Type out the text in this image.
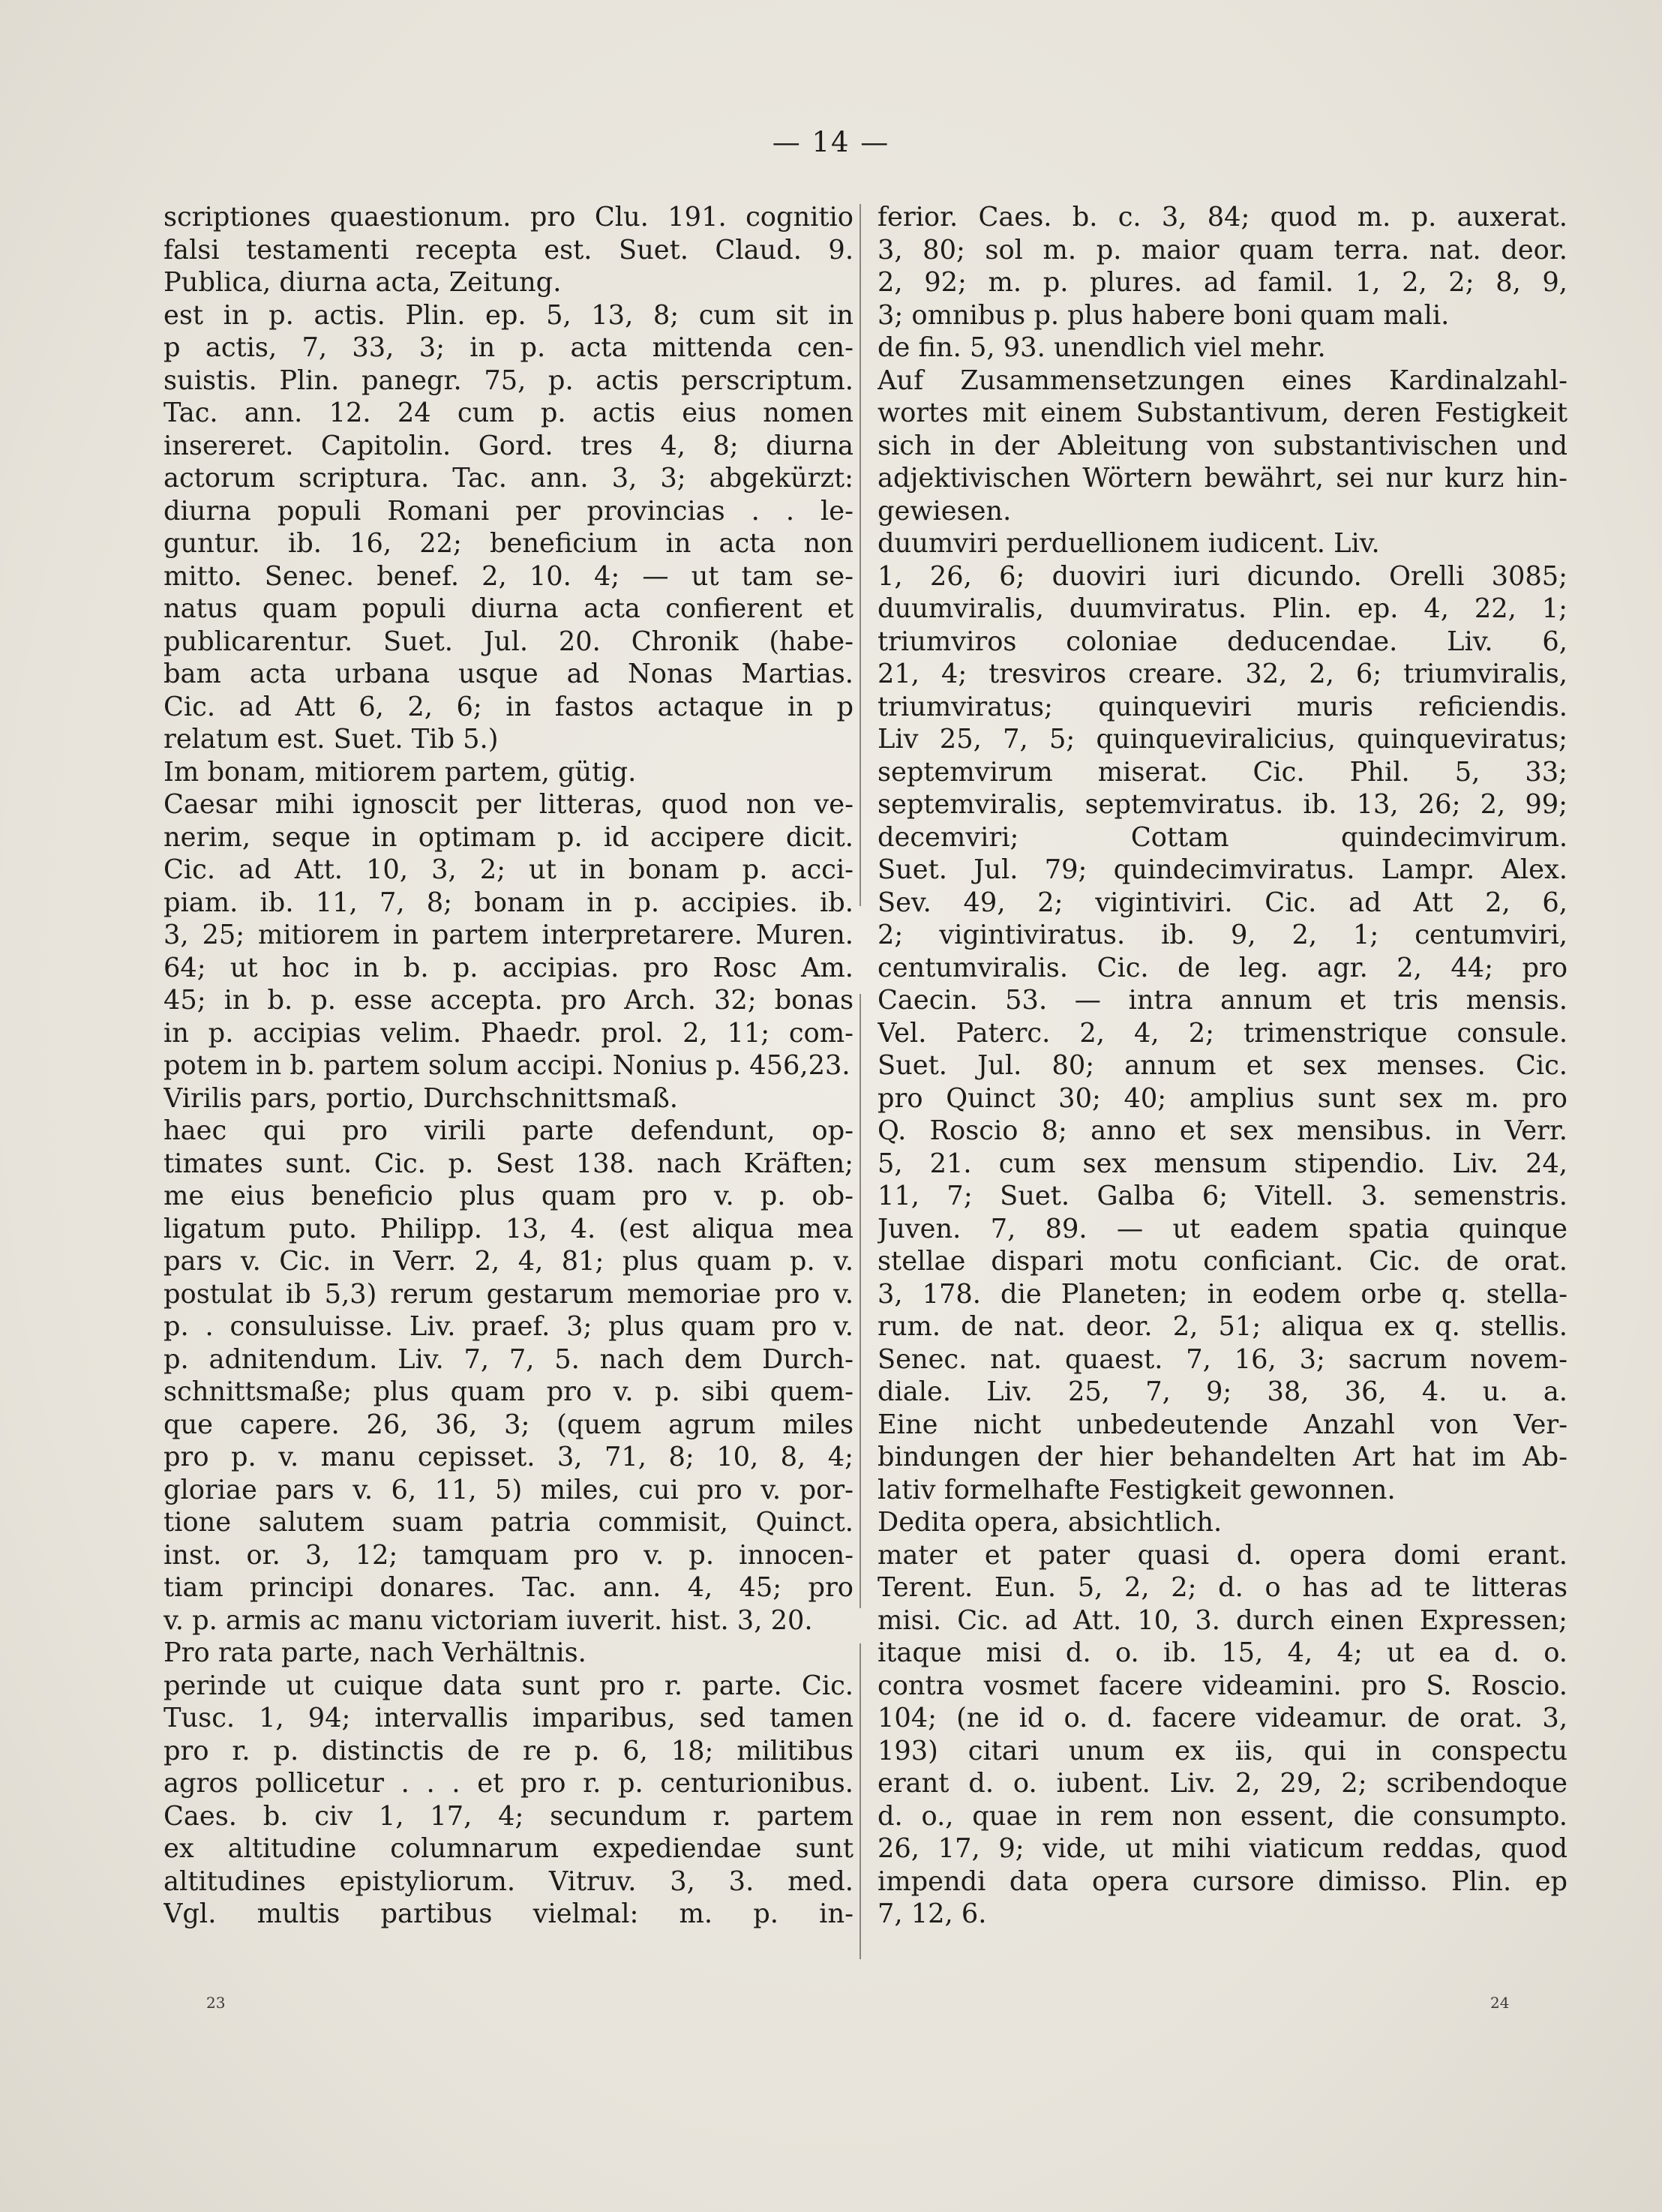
— 14 —
scriptiones quaestionum. pro Clu. 191. cognitio
falsi testamenti recepta est. Suet. Claud. 9.
Publica, diurna acta, Zeitung.
est in p. actis. Plin. ep. 5, 13, 8; cum sit in
p actis, 7, 33, 3; in p. acta mittenda cen-
suistis. Plin. panegr. 75, p. actis perscriptum.
Tac. ann. 12. 24 cum p. actis eius nomen
insereret. Capitolin. Gord. tres 4, 8; diurna
actorum scriptura. Tac. ann. 3, 3; abgekürzt:
diurna populi Romani per provincias . . le-
guntur. ib. 16, 22; beneficium in acta non
mitto. Senec. benef. 2, 10. 4; — ut tam se-
natus quam populi diurna acta confierent et
publicarentur. Suet. Jul. 20. Chronik (habe-
bam acta urbana usque ad Nonas Martias.
Cic. ad Att 6, 2, 6; in fastos actaque in p
relatum est. Suet. Tib 5.)
Im bonam, mitiorem partem, gütig.
Caesar mihi ignoscit per litteras, quod non ve-
nerim, seque in optimam p. id accipere dicit.
Cic. ad Att. 10, 3, 2; ut in bonam p. acci-
piam. ib. 11, 7, 8; bonam in p. accipies. ib.
3, 25; mitiorem in partem interpretarere. Muren.
64; ut hoc in b. p. accipias. pro Rosc Am.
45; in b. p. esse accepta. pro Arch. 32; bonas
in p. accipias velim. Phaedr. prol. 2, 11; com-
potem in b. partem solum accipi. Nonius p. 456,23.
Virilis pars, portio, Durchschnittsmaß.
haec qui pro virili parte defendunt, op-
timates sunt. Cic. p. Sest 138. nach Kräften;
me eius beneficio plus quam pro v. p. ob-
ligatum puto. Philipp. 13, 4. (est aliqua mea
pars v. Cic. in Verr. 2, 4, 81; plus quam p. v.
postulat ib 5,3) rerum gestarum memoriae pro v.
p. . consuluisse. Liv. praef. 3; plus quam pro v.
p. adnitendum. Liv. 7, 7, 5. nach dem Durch-
schnittsmaße; plus quam pro v. p. sibi quem-
que capere. 26, 36, 3; (quem agrum miles
pro p. v. manu cepisset. 3, 71, 8; 10, 8, 4;
gloriae pars v. 6, 11, 5) miles, cui pro v. por-
tione salutem suam patria commisit, Quinct.
inst. or. 3, 12; tamquam pro v. p. innocen-
tiam principi donares. Tac. ann. 4, 45; pro
v. p. armis ac manu victoriam iuverit. hist. 3, 20.
Pro rata parte, nach Verhältnis.
perinde ut cuique data sunt pro r. parte. Cic.
Tusc. 1, 94; intervallis imparibus, sed tamen
pro r. p. distinctis de re p. 6, 18; militibus
agros pollicetur . . . et pro r. p. centurionibus.
Caes. b. civ 1, 17, 4; secundum r. partem
ex altitudine columnarum expediendae sunt
altitudines epistyliorum. Vitruv. 3, 3. med.
Vgl. multis partibus vielmal: m. p. in-
ferior. Caes. b. c. 3, 84; quod m. p. auxerat.
3, 80; sol m. p. maior quam terra. nat. deor.
2, 92; m. p. plures. ad famil. 1, 2, 2; 8, 9,
3; omnibus p. plus habere boni quam mali.
de fin. 5, 93. unendlich viel mehr.
Auf Zusammensetzungen eines Kardinalzahl-
wortes mit einem Substantivum, deren Festigkeit
sich in der Ableitung von substantivischen und
adjektivischen Wörtern bewährt, sei nur kurz hin-
gewiesen.
duumviri perduellionem iudicent. Liv.
1, 26, 6; duoviri iuri dicundo. Orelli 3085;
duumviralis, duumviratus. Plin. ep. 4, 22, 1;
triumviros coloniae deducendae. Liv. 6,
21, 4; tresviros creare. 32, 2, 6; triumviralis,
triumviratus; quinqueviri muris reficiendis.
Liv 25, 7, 5; quinqueviralicius, quinqueviratus;
septemvirum miserat. Cic. Phil. 5, 33;
septemviralis, septemviratus. ib. 13, 26; 2, 99;
decemviri; Cottam quindecimvirum.
Suet. Jul. 79; quindecimviratus. Lampr. Alex.
Sev. 49, 2; vigintiviri. Cic. ad Att 2, 6,
2; vigintiviratus. ib. 9, 2, 1; centumviri,
centumviralis. Cic. de leg. agr. 2, 44; pro
Caecin. 53. — intra annum et tris mensis.
Vel. Paterc. 2, 4, 2; trimenstrique consule.
Suet. Jul. 80; annum et sex menses. Cic.
pro Quinct 30; 40; amplius sunt sex m. pro
Q. Roscio 8; anno et sex mensibus. in Verr.
5, 21. cum sex mensum stipendio. Liv. 24,
11, 7; Suet. Galba 6; Vitell. 3. semenstris.
Juven. 7, 89. — ut eadem spatia quinque
stellae dispari motu conficiant. Cic. de orat.
3, 178. die Planeten; in eodem orbe q. stella-
rum. de nat. deor. 2, 51; aliqua ex q. stellis.
Senec. nat. quaest. 7, 16, 3; sacrum novem-
diale. Liv. 25, 7, 9; 38, 36, 4. u. a.
Eine nicht unbedeutende Anzahl von Ver-
bindungen der hier behandelten Art hat im Ab-
lativ formelhafte Festigkeit gewonnen.
Dedita opera, absichtlich.
mater et pater quasi d. opera domi erant.
Terent. Eun. 5, 2, 2; d. o has ad te litteras
misi. Cic. ad Att. 10, 3. durch einen Expressen;
itaque misi d. o. ib. 15, 4, 4; ut ea d. o.
contra vosmet facere videamini. pro S. Roscio.
104; (ne id o. d. facere videamur. de orat. 3,
193) citari unum ex iis, qui in conspectu
erant d. o. iubent. Liv. 2, 29, 2; scribendoque
d. o., quae in rem non essent, die consumpto.
26, 17, 9; vide, ut mihi viaticum reddas, quod
impendi data opera cursore dimisso. Plin. ep
7, 12, 6.
23	24
